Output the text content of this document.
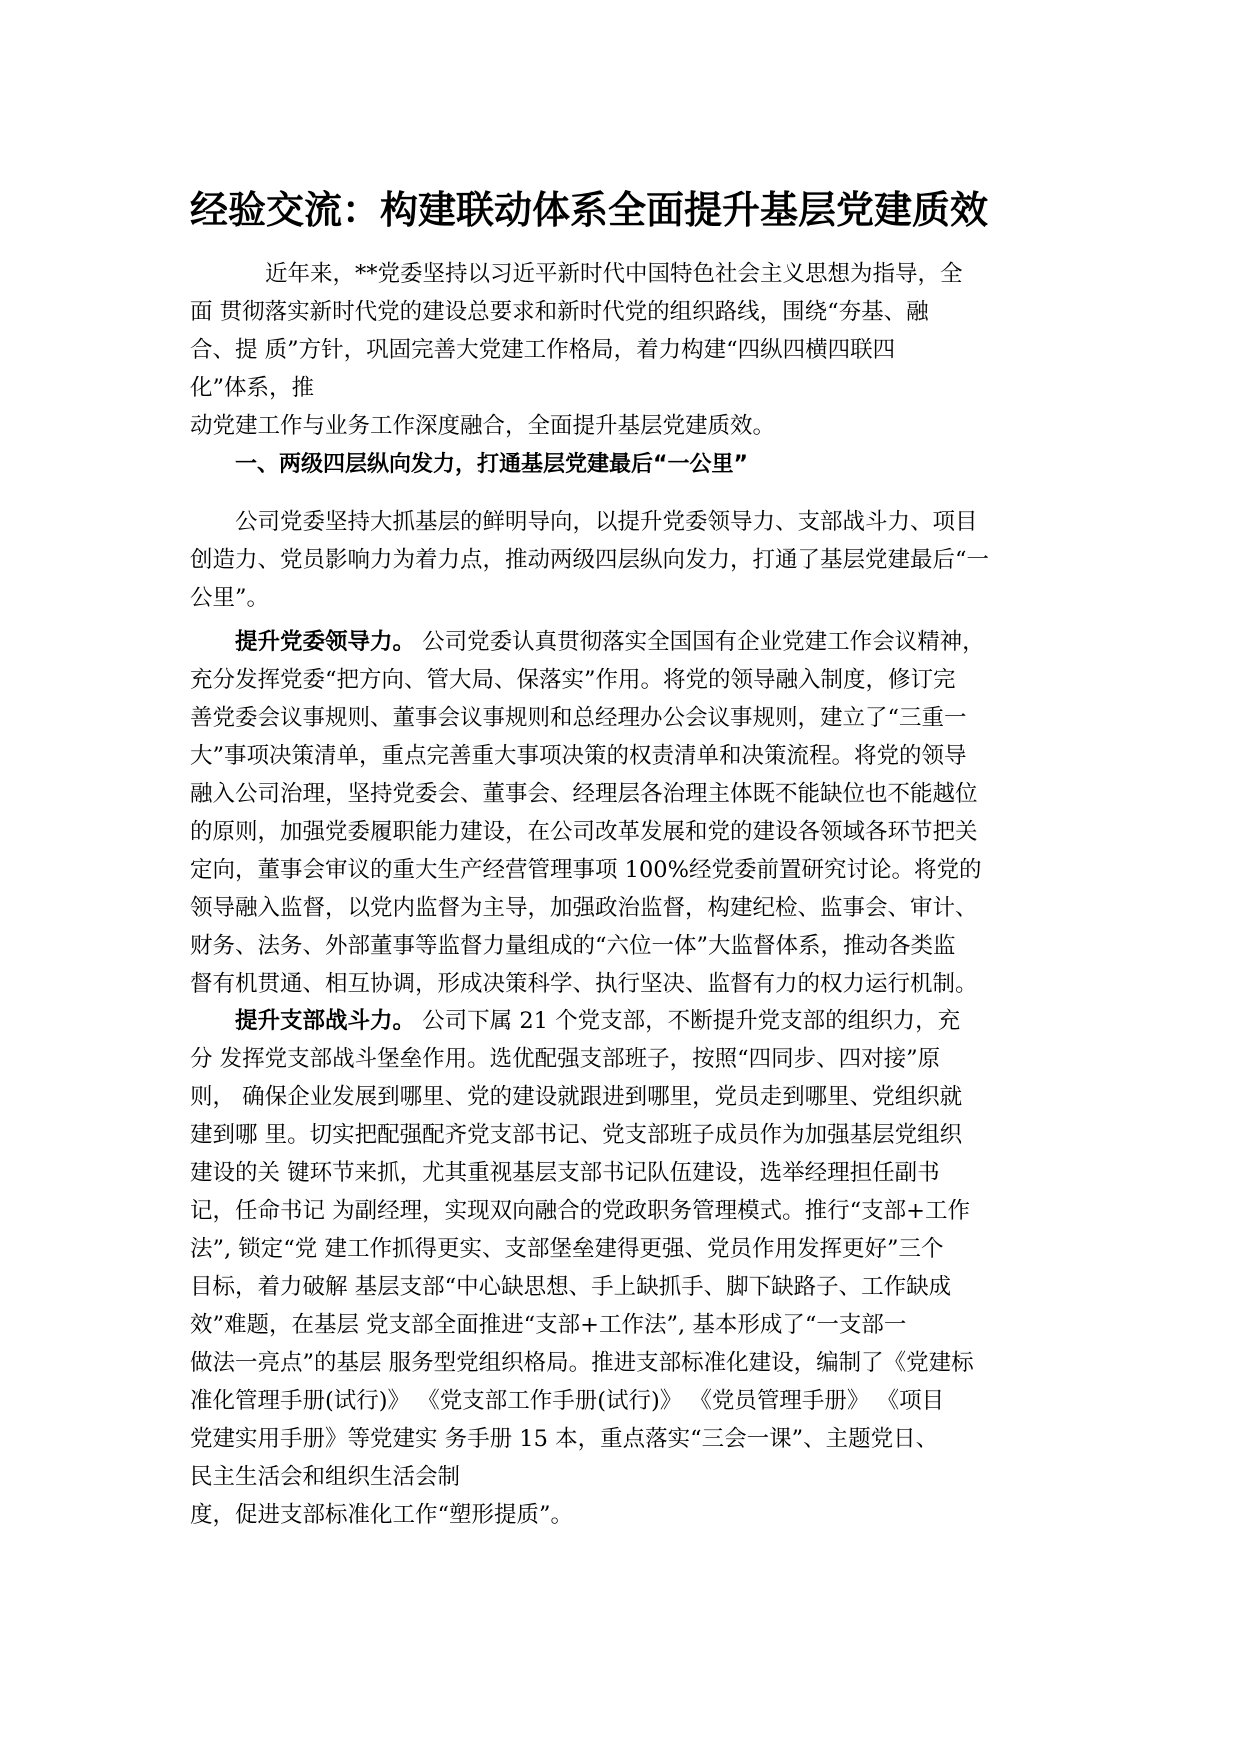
经验交流：构建联动体系全面提升基层党建质效
近年来，**党委坚持以习近平新时代中国特色社会主义思想为指导，全
面 贯彻落实新时代党的建设总要求和新时代党的组织路线，围绕“夯基、融
合、提 质”方针，巩固完善大党建工作格局，着力构建“四纵四横四联四
化”体系，推
动党建工作与业务工作深度融合，全面提升基层党建质效。
一、两级四层纵向发力，打通基层党建最后“一公里”
公司党委坚持大抓基层的鲜明导向，以提升党委领导力、支部战斗力、项目
创造力、党员影响力为着力点，推动两级四层纵向发力，打通了基层党建最后“一
公里”。
提升党委领导力。 公司党委认真贯彻落实全国国有企业党建工作会议精神，
充分发挥党委“把方向、管大局、保落实”作用。将党的领导融入制度，修订完
善党委会议事规则、董事会议事规则和总经理办公会议事规则，建立了“三重一
大”事项决策清单，重点完善重大事项决策的权责清单和决策流程。将党的领导
融入公司治理，坚持党委会、董事会、经理层各治理主体既不能缺位也不能越位
的原则，加强党委履职能力建设，在公司改革发展和党的建设各领域各环节把关
定向，董事会审议的重大生产经营管理事项 100%经党委前置研究讨论。将党的
领导融入监督，以党内监督为主导，加强政治监督，构建纪检、监事会、审计、
财务、法务、外部董事等监督力量组成的“六位一体”大监督体系，推动各类监
督有机贯通、相互协调，形成决策科学、执行坚决、监督有力的权力运行机制。
提升支部战斗力。 公司下属 21 个党支部，不断提升党支部的组织力，充
分 发挥党支部战斗堡垒作用。选优配强支部班子，按照“四同步、四对接”原
则， 确保企业发展到哪里、党的建设就跟进到哪里，党员走到哪里、党组织就
建到哪 里。切实把配强配齐党支部书记、党支部班子成员作为加强基层党组织
建设的关 键环节来抓，尤其重视基层支部书记队伍建设，选举经理担任副书
记，任命书记 为副经理，实现双向融合的党政职务管理模式。推行“支部+工作
法”, 锁定“党 建工作抓得更实、支部堡垒建得更强、党员作用发挥更好”三个
目标，着力破解 基层支部“中心缺思想、手上缺抓手、脚下缺路子、工作缺成
效”难题，在基层 党支部全面推进“支部+工作法”, 基本形成了“一支部一
做法一亮点”的基层 服务型党组织格局。推进支部标准化建设，编制了《党建标
准化管理手册(试行)》 《党支部工作手册(试行)》 《党员管理手册》 《项目
党建实用手册》等党建实 务手册 15 本，重点落实“三会一课”、主题党日、
民主生活会和组织生活会制
度，促进支部标准化工作“塑形提质”。
